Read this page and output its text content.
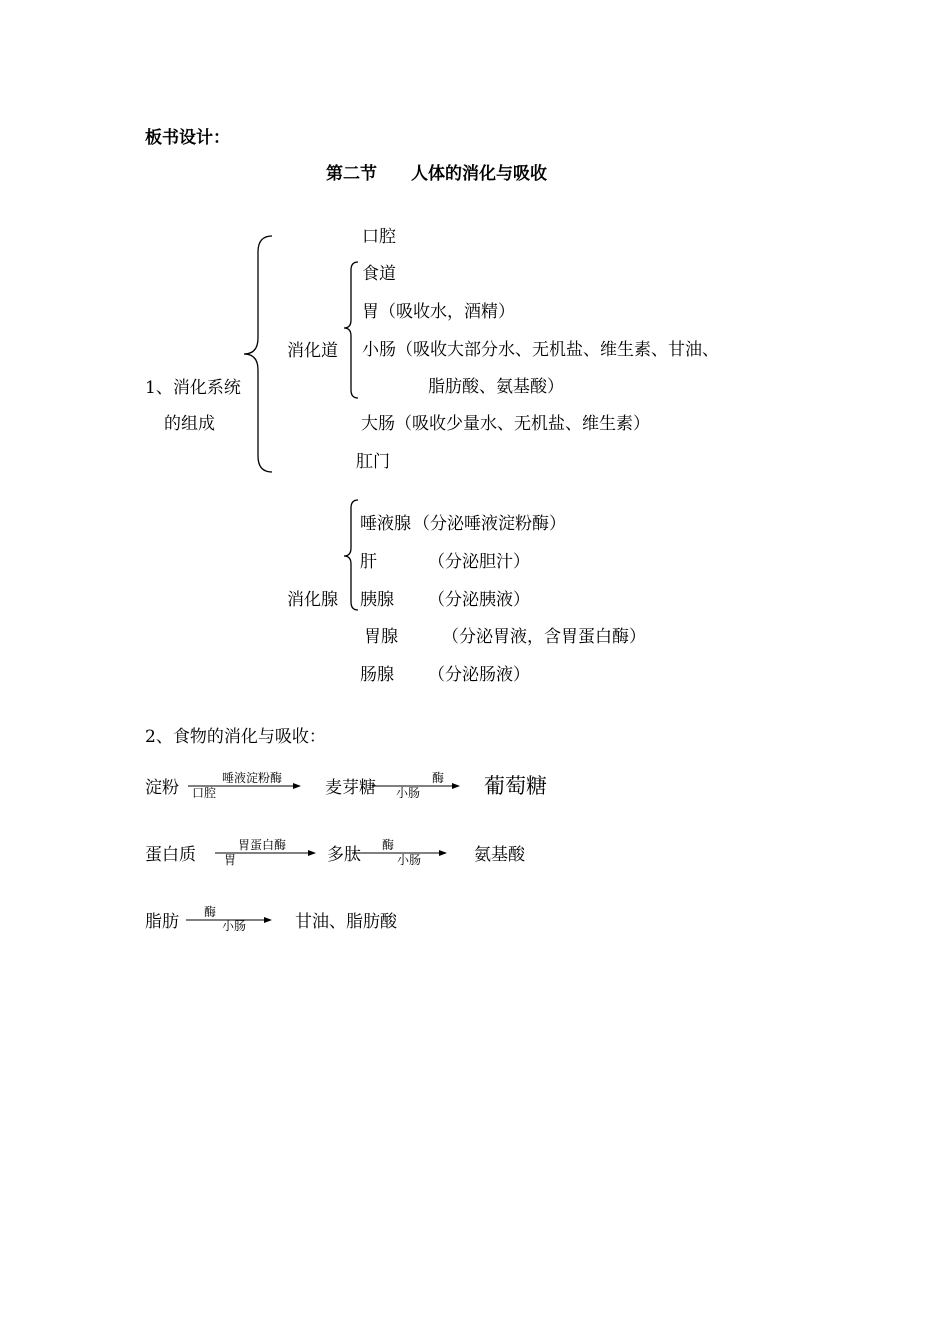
板书设计：
第二节　　人体的消化与吸收
1、消化系统
的组成
消化道
口腔
食道
胃（吸收水，酒精）
小肠（吸收大部分水、无机盐、维生素、甘油、
脂肪酸、氨基酸）
大肠（吸收少量水、无机盐、维生素）
肛门
消化腺
唾液腺 （分泌唾液淀粉酶）
肝	（分泌胆汁）
胰腺 （分泌胰液）
胃腺	（分泌胃液，含胃蛋白酶）
肠腺 （分泌肠液）
2、食物的消化与吸收：
淀粉	唾液淀粉酶
口腔	麦芽糖	酶
小肠	葡萄糖
蛋白质	胃蛋白酶
胃	多肽 酶
小肠	氨基酸
脂肪 酶
小肠	甘油、脂肪酸
